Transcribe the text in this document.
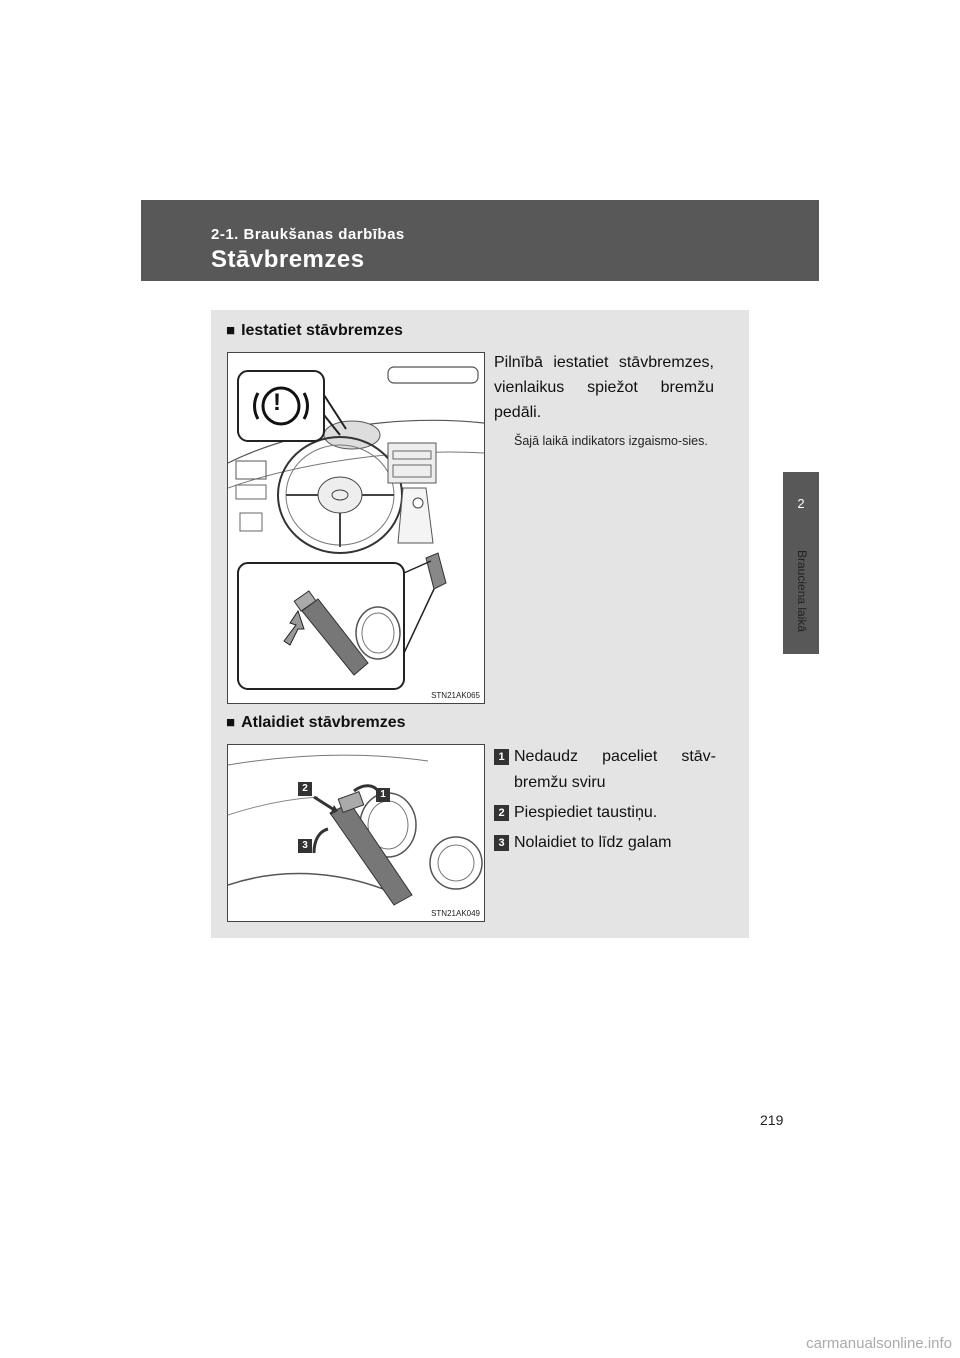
2-1. Braukšanas darbības
Stāvbremzes
2
Brauciena laikā
■ Iestatiet stāvbremzes
STN21AK065
!
Pilnībā iestatiet stāvbremzes, vienlaikus spiežot bremžu pedāli.
Šajā laikā indikators izgaismo-sies.
■ Atlaidiet stāvbremzes
2
1
3
STN21AK049
1 Nedaudz paceliet stāv-bremžu sviru
2 Piespiediet taustiņu.
3 Nolaidiet to līdz galam
219
carmanualsonline.info
